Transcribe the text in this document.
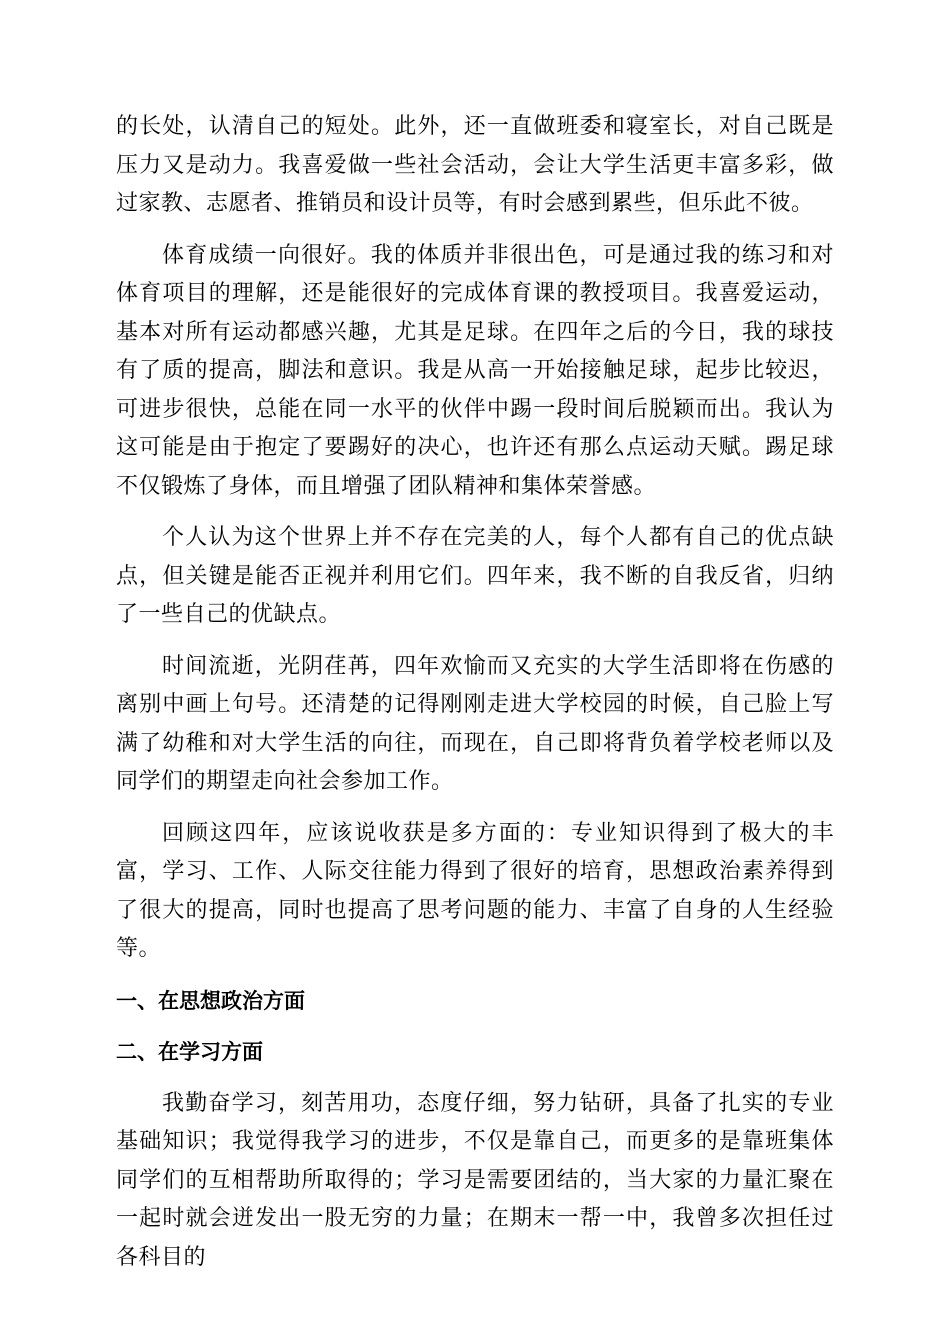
的长处，认清自己的短处。此外，还一直做班委和寝室长，对自己既是压力又是动力。我喜爱做一些社会活动，会让大学生活更丰富多彩，做过家教、志愿者、推销员和设计员等，有时会感到累些，但乐此不彼。

体育成绩一向很好。我的体质并非很出色，可是通过我的练习和对体育项目的理解，还是能很好的完成体育课的教授项目。我喜爱运动，基本对所有运动都感兴趣，尤其是足球。在四年之后的今日，我的球技有了质的提高，脚法和意识。我是从高一开始接触足球，起步比较迟，可进步很快，总能在同一水平的伙伴中踢一段时间后脱颖而出。我认为这可能是由于抱定了要踢好的决心，也许还有那么点运动天赋。踢足球不仅锻炼了身体，而且增强了团队精神和集体荣誉感。

个人认为这个世界上并不存在完美的人，每个人都有自己的优点缺点，但关键是能否正视并利用它们。四年来，我不断的自我反省，归纳了一些自己的优缺点。

时间流逝，光阴荏苒，四年欢愉而又充实的大学生活即将在伤感的离别中画上句号。还清楚的记得刚刚走进大学校园的时候，自己脸上写满了幼稚和对大学生活的向往，而现在，自己即将背负着学校老师以及同学们的期望走向社会参加工作。

回顾这四年，应该说收获是多方面的：专业知识得到了极大的丰富，学习、工作、人际交往能力得到了很好的培育，思想政治素养得到了很大的提高，同时也提高了思考问题的能力、丰富了自身的人生经验等。

一、在思想政治方面
二、在学习方面

我勤奋学习，刻苦用功，态度仔细，努力钻研，具备了扎实的专业基础知识；我觉得我学习的进步，不仅是靠自己，而更多的是靠班集体同学们的互相帮助所取得的；学习是需要团结的，当大家的力量汇聚在一起时就会迸发出一股无穷的力量；在期末一帮一中，我曾多次担任过各科目的
